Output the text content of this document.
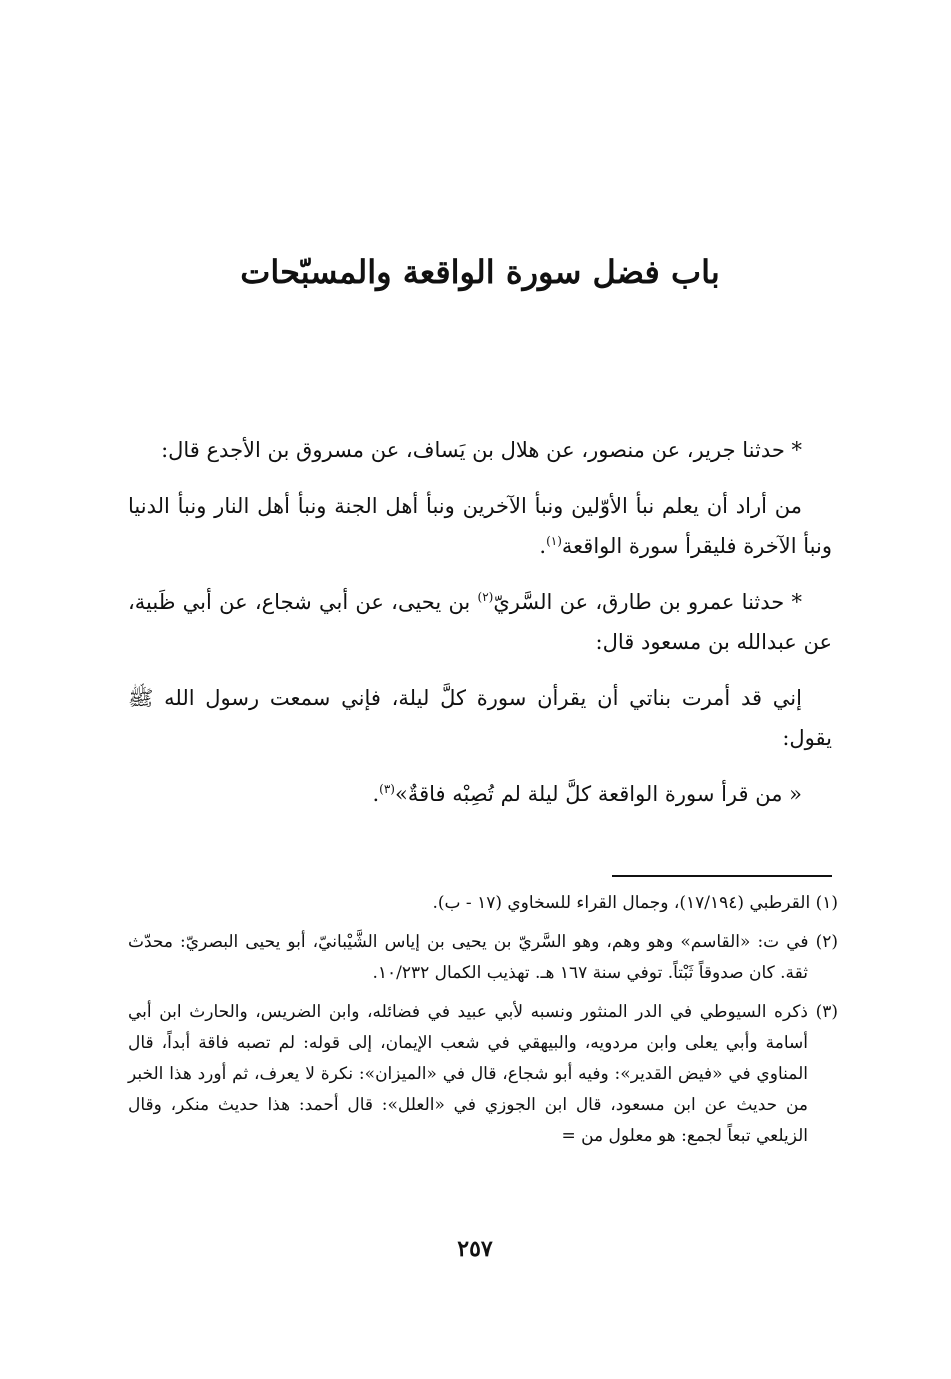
باب فضل سورة الواقعة والمسبّحات

* حدثنا جرير، عن منصور، عن هلال بن يَساف، عن مسروق بن الأجدع قال:

من أراد أن يعلم نبأ الأوّلين ونبأ الآخرين ونبأ أهل الجنة ونبأ أهل النار ونبأ الدنيا ونبأ الآخرة فليقرأ سورة الواقعة$^{(١)}$.

* حدثنا عمرو بن طارق، عن السَّريّ$^{(٢)}$ بن يحيى، عن أبي شجاع، عن أبي ظَبية، عن عبدالله بن مسعود قال:

إني قد أمرت بناتي أن يقرأن سورة كلَّ ليلة، فإني سمعت رسول الله ﷺ يقول:

« من قرأ سورة الواقعة كلَّ ليلة لم تُصِبْه فاقةٌ»$^{(٣)}$.

(١) القرطبي (١٧/١٩٤)، وجمال القراء للسخاوي (١٧ - ب).

(٢) في ت: «القاسم» وهو وهم، وهو السَّريّ بن يحيى بن إياس الشَّيْبانيّ، أبو يحيى البصريّ: محدّث ثقة. كان صدوقاً ثَبْتاً. توفي سنة ١٦٧ هـ. تهذيب الكمال ١٠/٢٣٢.

(٣) ذكره السيوطي في الدر المنثور ونسبه لأبي عبيد في فضائله، وابن الضريس، والحارث ابن أبي أسامة وأبي يعلى وابن مردويه، والبيهقي في شعب الإيمان، إلى قوله: لم تصبه فاقة أبداً، قال المناوي في «فيض القدير»: وفيه أبو شجاع، قال في «الميزان»: نكرة لا يعرف، ثم أورد هذا الخبر من حديث عن ابن مسعود، قال ابن الجوزي في «العلل»: قال أحمد: هذا حديث منكر، وقال الزيلعي تبعاً لجمع: هو معلول من =

٢٥٧
